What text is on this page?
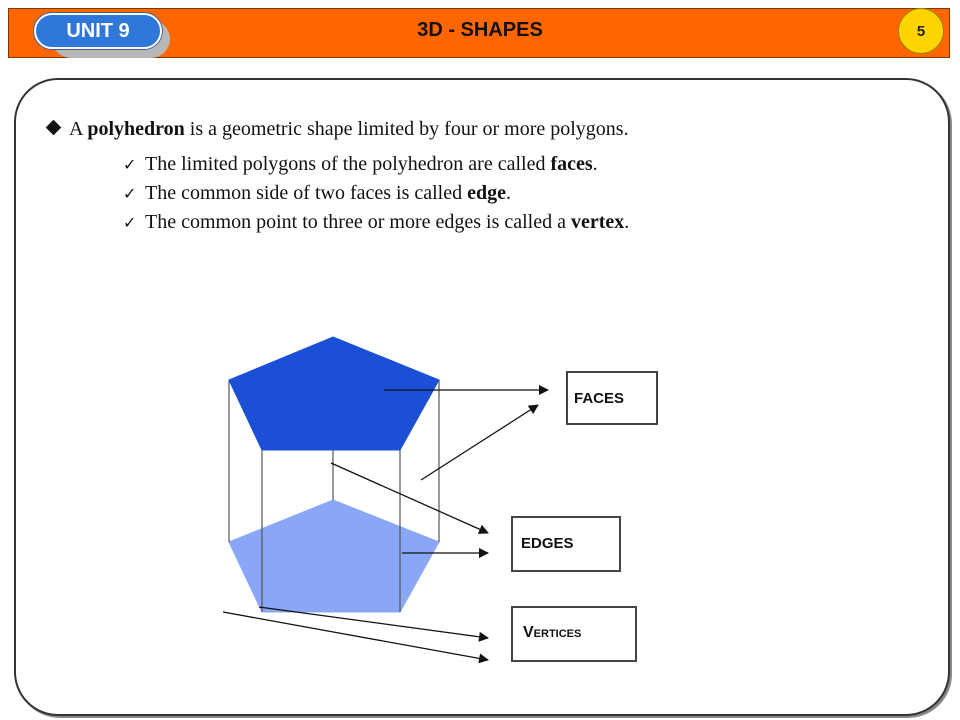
UNIT 9	3D - SHAPES	5
A polyhedron is a geometric shape limited by four or more polygons.
✓ The limited polygons of the polyhedron are called faces.
✓ The common side of two faces is called edge.
✓ The common point to three or more edges is called a vertex.
FACES
EDGES
Vertices
